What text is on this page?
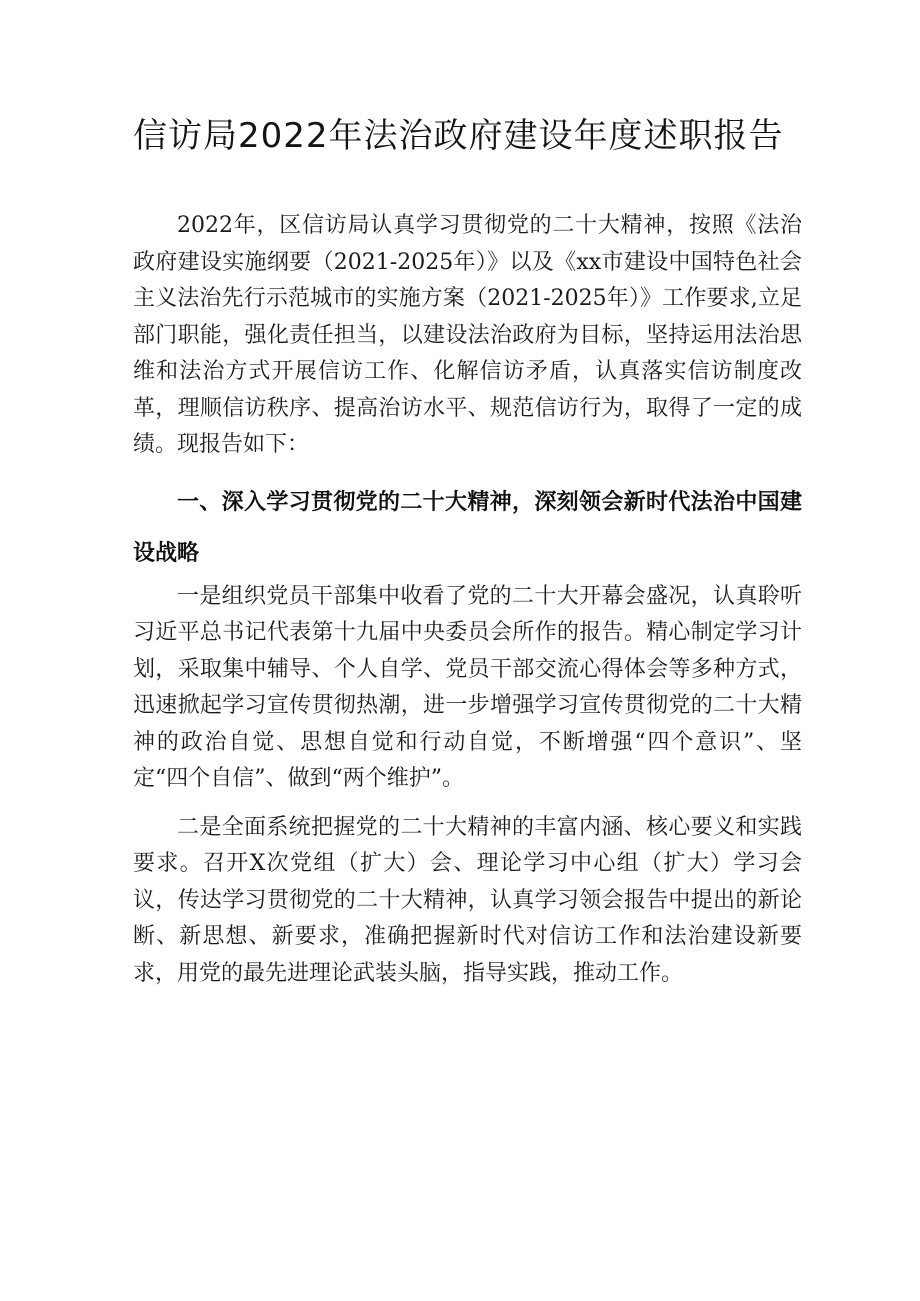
信访局2022年法治政府建设年度述职报告

2022年，区信访局认真学习贯彻党的二十大精神，按照《法治政府建设实施纲要（2021-2025年）》以及《xx市建设中国特色社会主义法治先行示范城市的实施方案（2021-2025年）》工作要求,立足部门职能，强化责任担当，以建设法治政府为目标，坚持运用法治思维和法治方式开展信访工作、化解信访矛盾，认真落实信访制度改革，理顺信访秩序、提高治访水平、规范信访行为，取得了一定的成绩。现报告如下：

一、深入学习贯彻党的二十大精神，深刻领会新时代法治中国建设战略

一是组织党员干部集中收看了党的二十大开幕会盛况，认真聆听习近平总书记代表第十九届中央委员会所作的报告。精心制定学习计划，采取集中辅导、个人自学、党员干部交流心得体会等多种方式，迅速掀起学习宣传贯彻热潮，进一步增强学习宣传贯彻党的二十大精神的政治自觉、思想自觉和行动自觉，不断增强“四个意识”、坚定“四个自信”、做到“两个维护”。

二是全面系统把握党的二十大精神的丰富内涵、核心要义和实践要求。召开X次党组（扩大）会、理论学习中心组（扩大）学习会议，传达学习贯彻党的二十大精神，认真学习领会报告中提出的新论断、新思想、新要求，准确把握新时代对信访工作和法治建设新要求，用党的最先进理论武装头脑，指导实践，推动工作。
